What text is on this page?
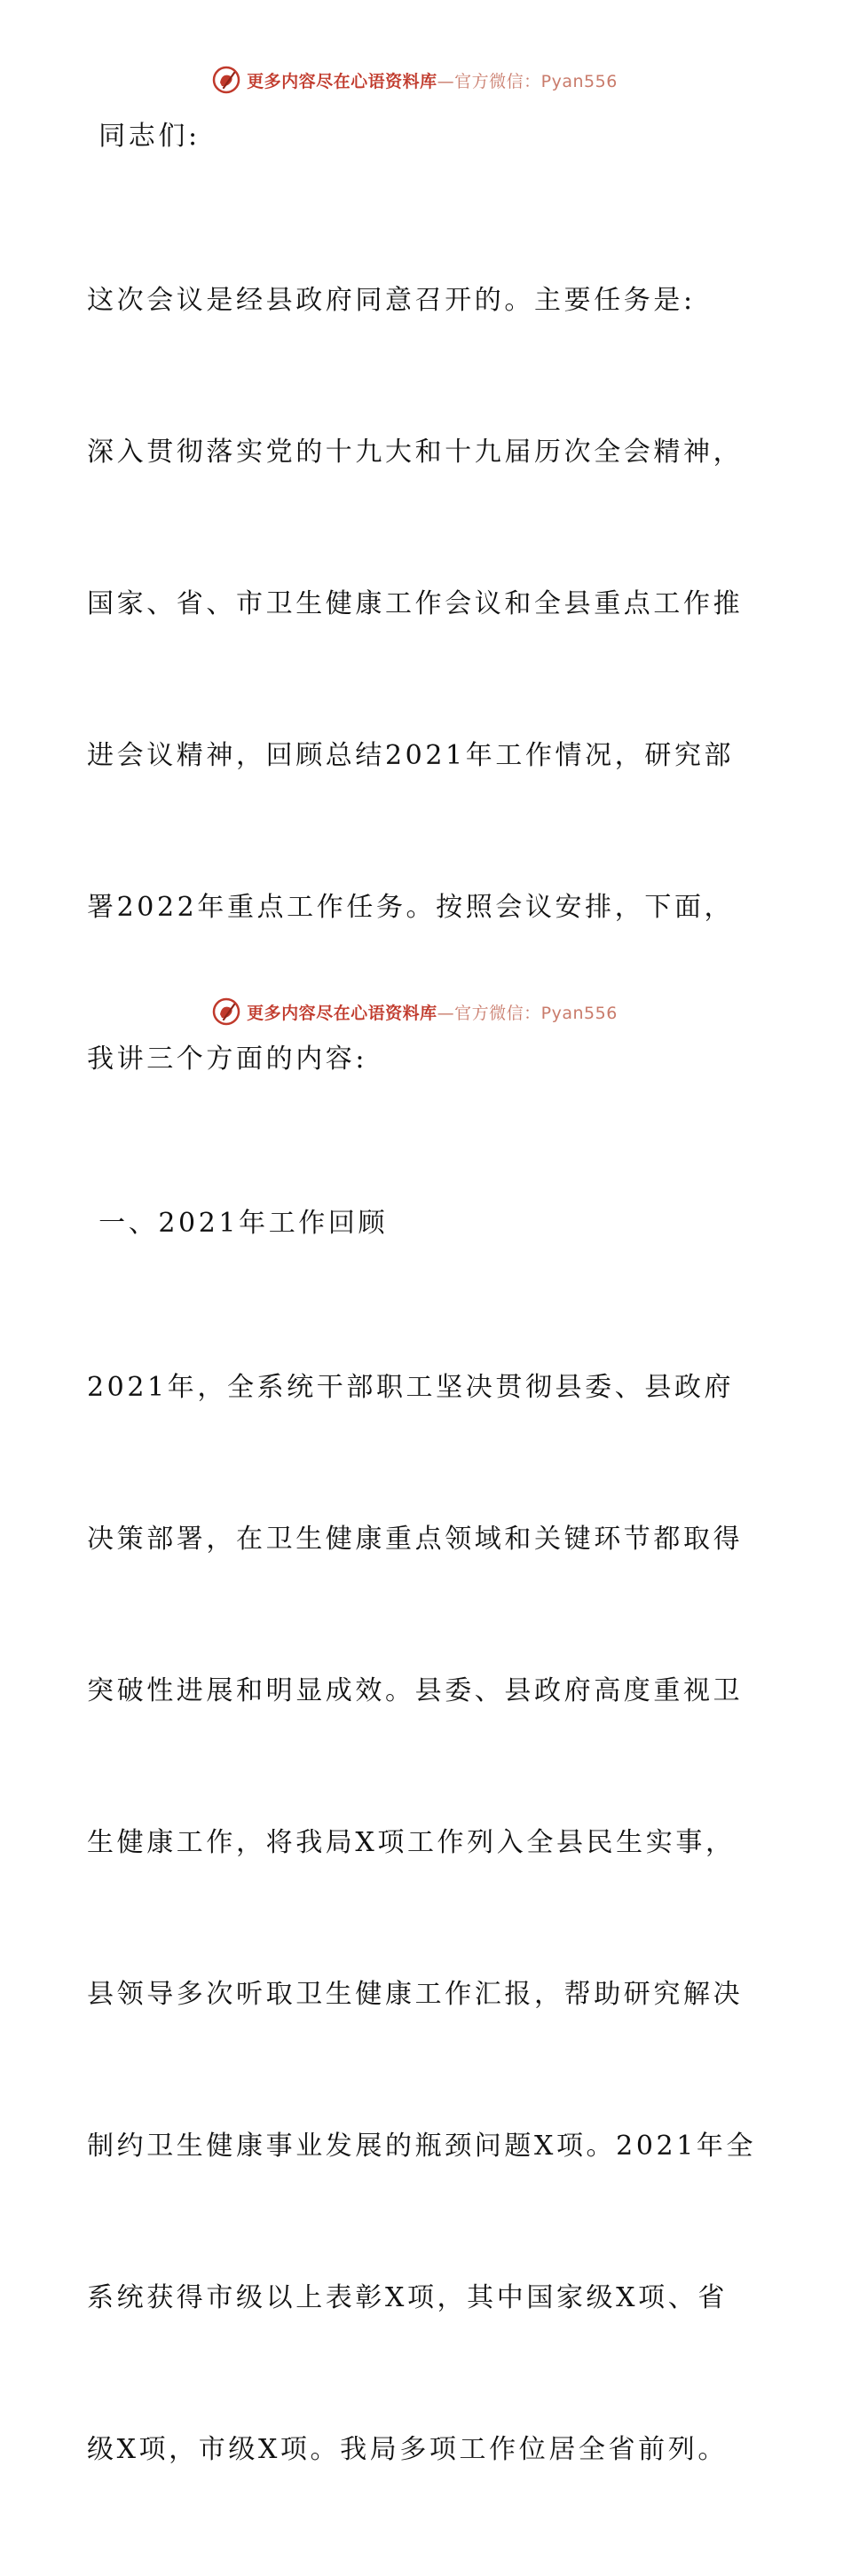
更多内容尽在心语资料库—官方微信：Pyan556

同志们:

这次会议是经县政府同意召开的。主要任务是:

深入贯彻落实党的十九大和十九届历次全会精神，

国家、省、市卫生健康工作会议和全县重点工作推

进会议精神，回顾总结2021年工作情况，研究部

署2022年重点工作任务。按照会议安排，下面，

我讲三个方面的内容:

一、2021年工作回顾

2021年，全系统干部职工坚决贯彻县委、县政府

决策部署，在卫生健康重点领域和关键环节都取得

突破性进展和明显成效。县委、县政府高度重视卫

生健康工作，将我局X项工作列入全县民生实事，

县领导多次听取卫生健康工作汇报，帮助研究解决

制约卫生健康事业发展的瓶颈问题X项。2021年全

系统获得市级以上表彰X项，其中国家级X项、省

级X项，市级X项。我局多项工作位居全省前列。

更多内容尽在心语资料库—官方微信：Pyan556
